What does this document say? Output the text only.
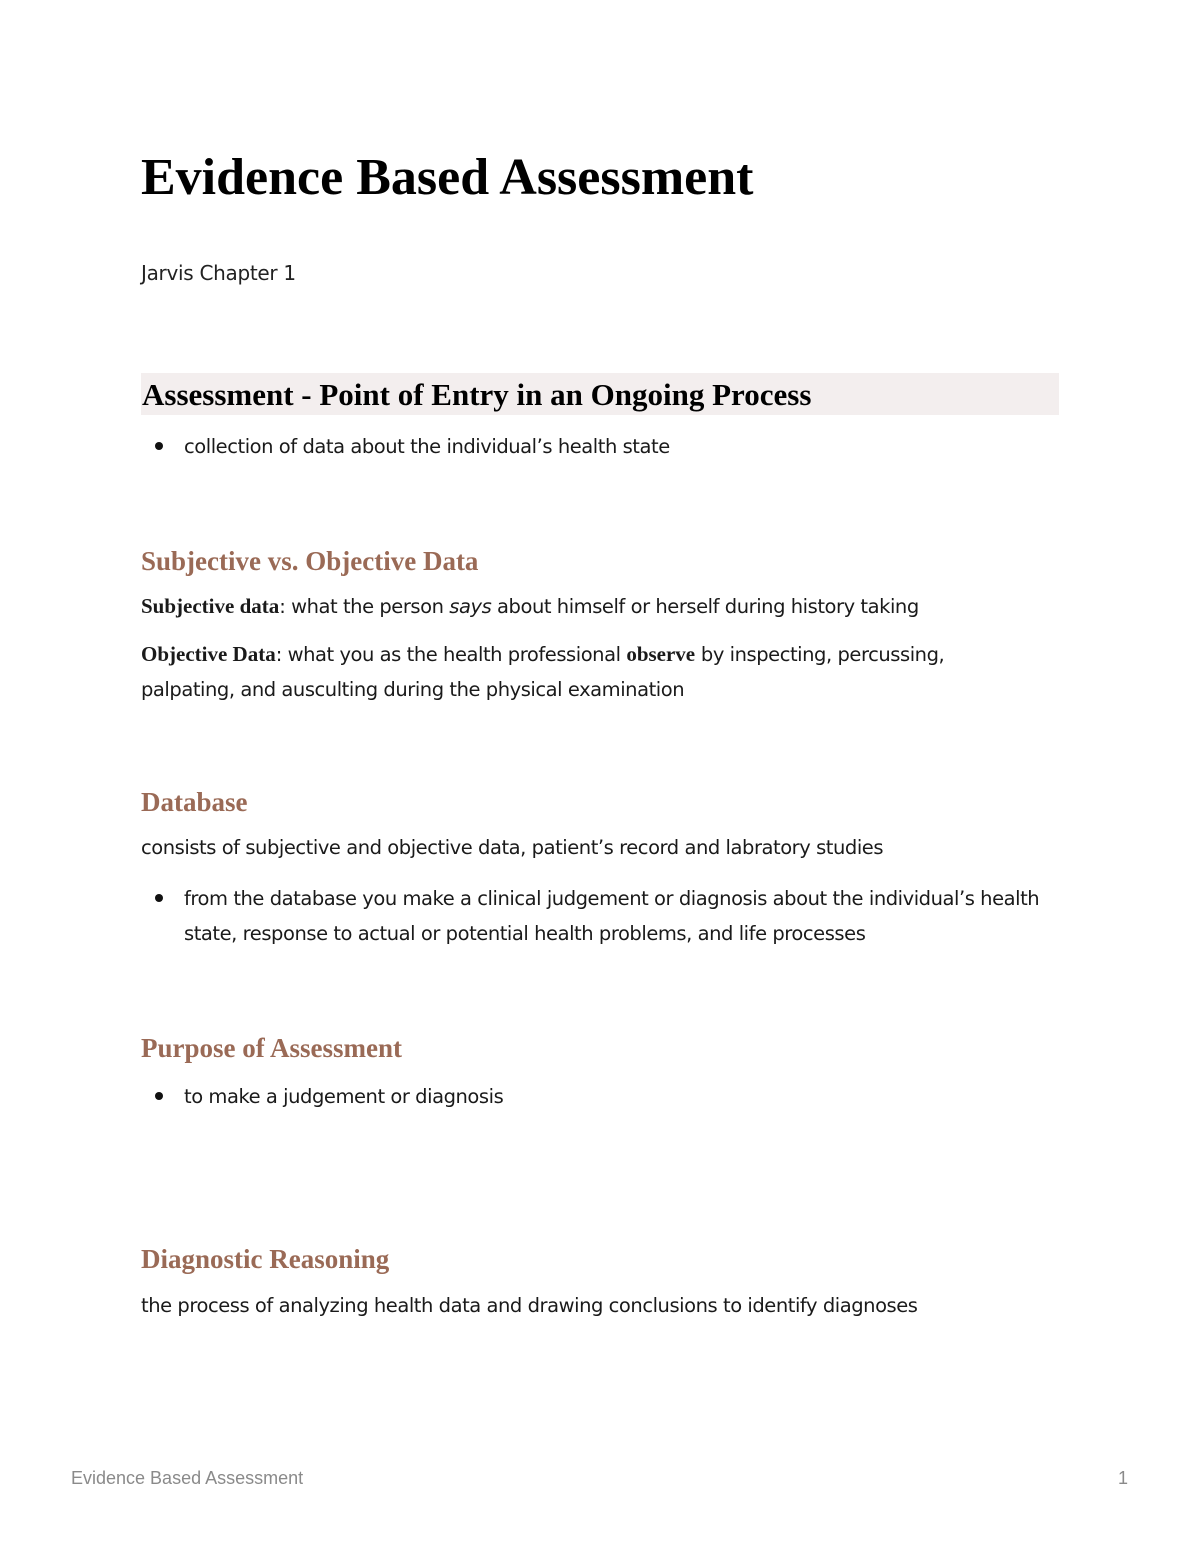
Evidence Based Assessment

Jarvis Chapter 1

Assessment - Point of Entry in an Ongoing Process
collection of data about the individual’s health state
Subjective vs. Objective Data

Subjective data: what the person says about himself or herself during history taking

Objective Data: what you as the health professional observe by inspecting, percussing, palpating, and ausculting during the physical examination

Database

consists of subjective and objective data, patient’s record and labratory studies

from the database you make a clinical judgement or diagnosis about the individual’s health state, response to actual or potential health problems, and life processes
Purpose of Assessment
to make a judgement or diagnosis
Diagnostic Reasoning

the process of analyzing health data and drawing conclusions to identify diagnoses

Evidence Based Assessment	1
